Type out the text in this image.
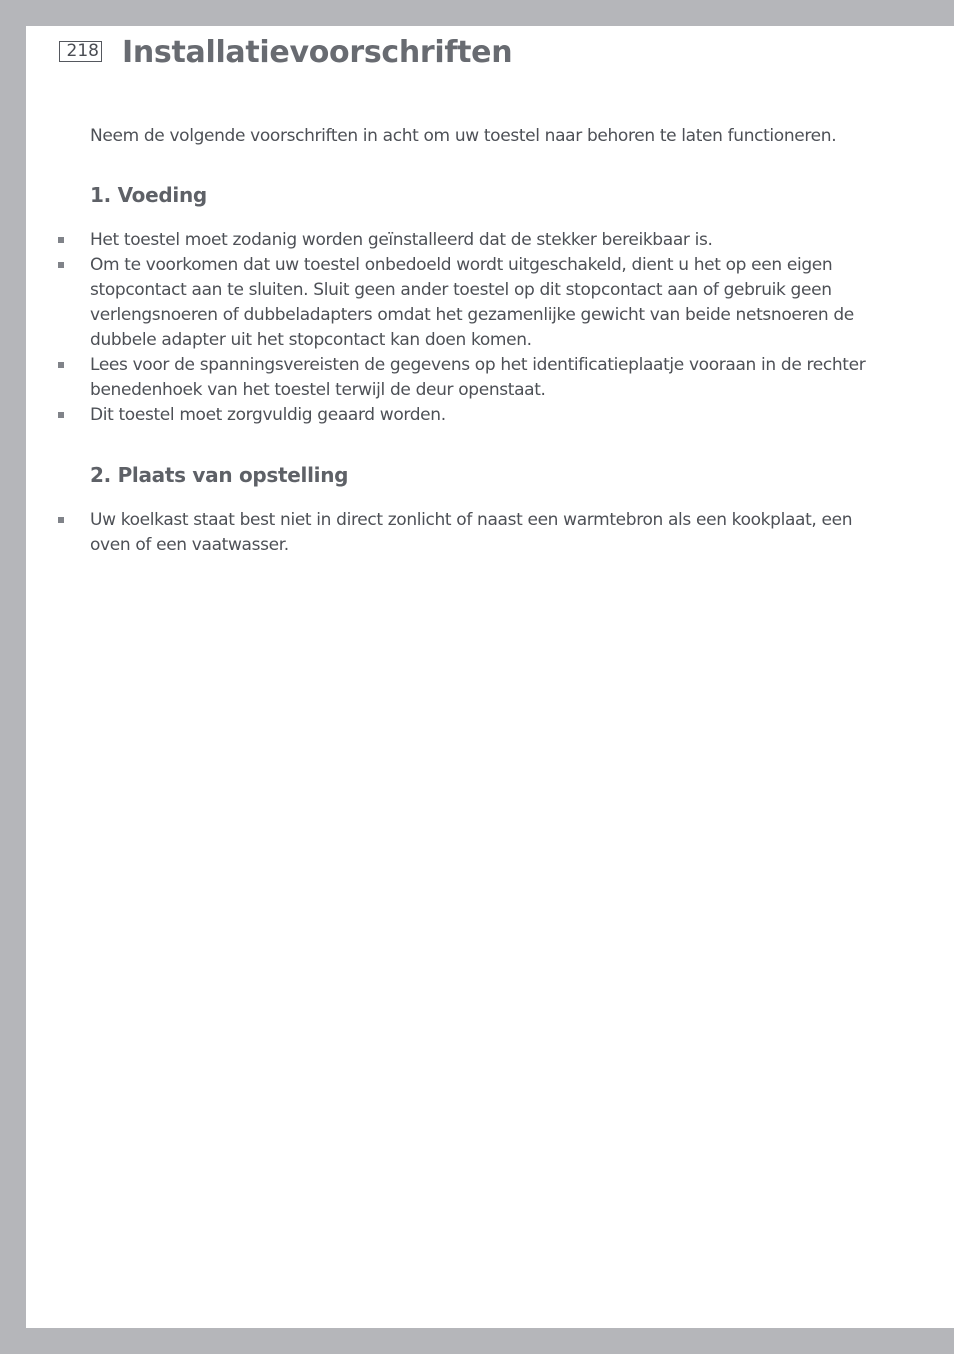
218 Installatievoorschriften

Neem de volgende voorschriften in acht om uw toestel naar behoren te laten functioneren.

1. Voeding
Het toestel moet zodanig worden geïnstalleerd dat de stekker bereikbaar is.
Om te voorkomen dat uw toestel onbedoeld wordt uitgeschakeld, dient u het op een eigen stopcontact aan te sluiten. Sluit geen ander toestel op dit stopcontact aan of gebruik geen verlengsnoeren of dubbeladapters omdat het gezamenlijke gewicht van beide netsnoeren de dubbele adapter uit het stopcontact kan doen komen.
Lees voor de spanningsvereisten de gegevens op het identificatieplaatje vooraan in de rechter benedenhoek van het toestel terwijl de deur openstaat.
Dit toestel moet zorgvuldig geaard worden.
2. Plaats van opstelling
Uw koelkast staat best niet in direct zonlicht of naast een warmtebron als een kookplaat, een oven of een vaatwasser.
